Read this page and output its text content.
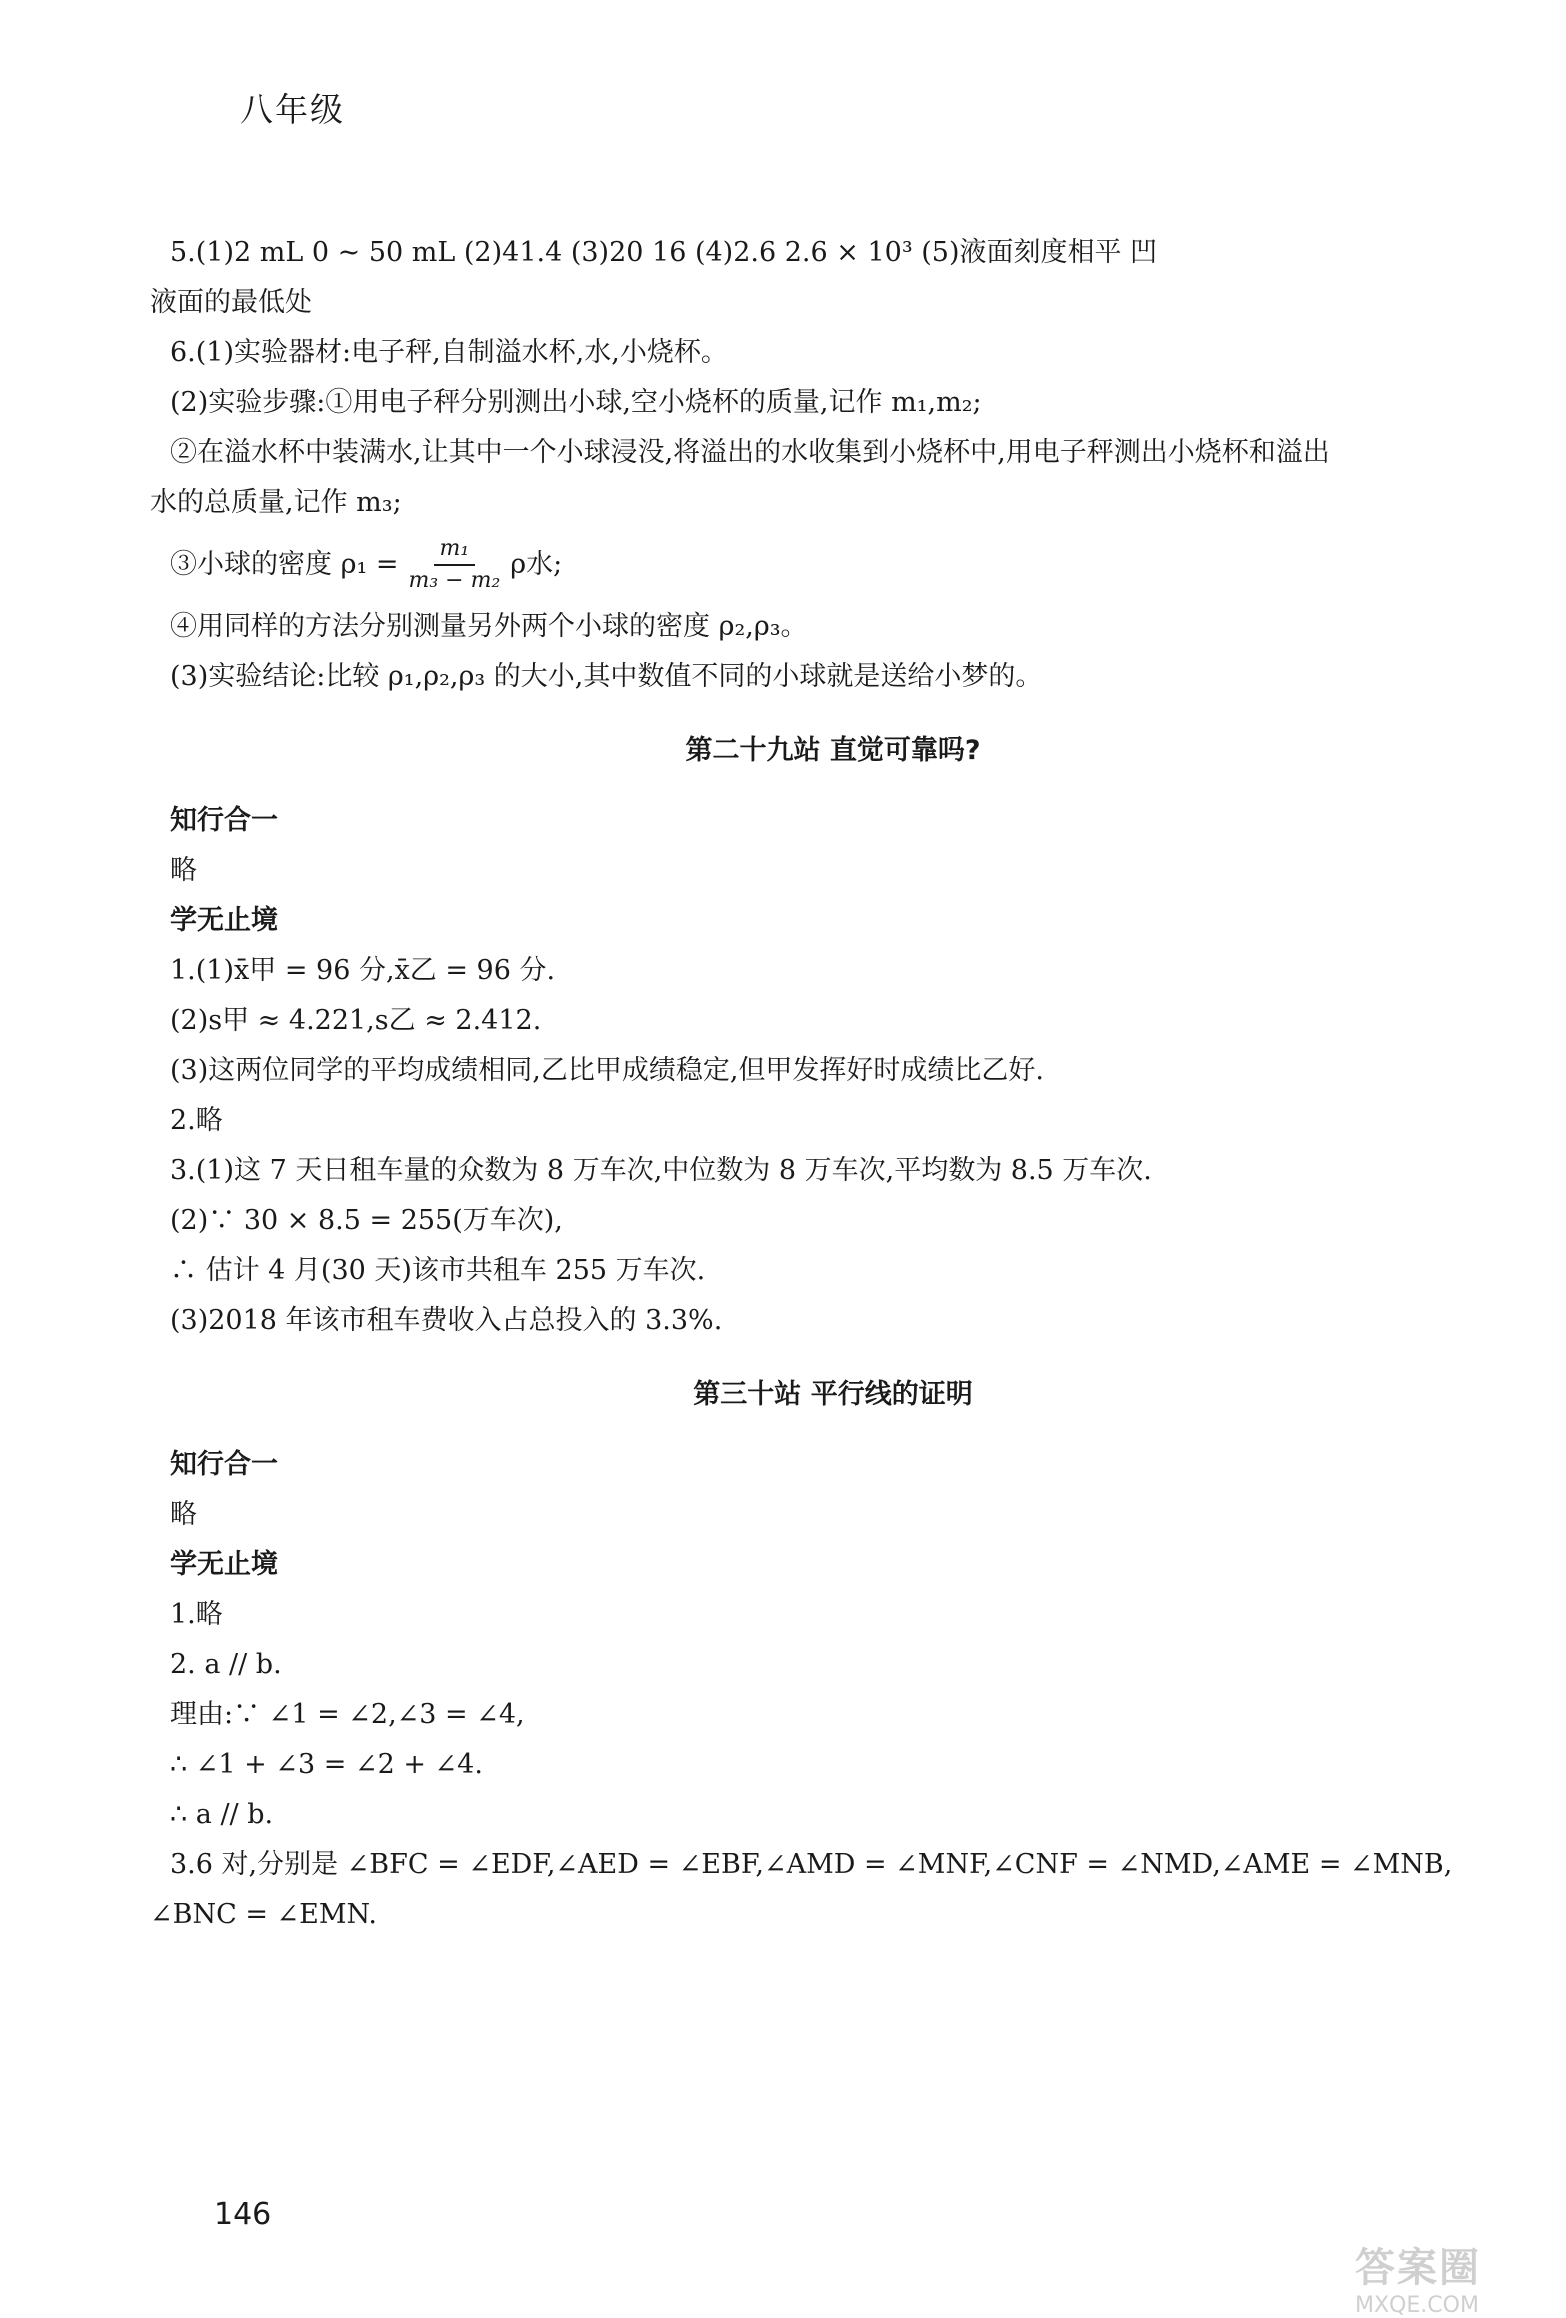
八年级
5.(1)2 mL 0 ~ 50 mL (2)41.4 (3)20 16 (4)2.6 2.6 × 10³ (5)液面刻度相平 凹
液面的最低处
6.(1)实验器材:电子秤,自制溢水杯,水,小烧杯。
(2)实验步骤:①用电子秤分别测出小球,空小烧杯的质量,记作 m₁,m₂;
②在溢水杯中装满水,让其中一个小球浸没,将溢出的水收集到小烧杯中,用电子秤测出小烧杯和溢出
水的总质量,记作 m₃;
③小球的密度 $\rho_1 = \frac{\text{m₁}}{\text{m₃ − m₂}}$ ρ水;
④用同样的方法分别测量另外两个小球的密度 ρ₂,ρ₃。
(3)实验结论:比较 ρ₁,ρ₂,ρ₃ 的大小,其中数值不同的小球就是送给小梦的。
第二十九站 直觉可靠吗?
知行合一
略
学无止境
1.(1)x̄甲 = 96 分,x̄乙 = 96 分.
(2)s甲 ≈ 4.221,s乙 ≈ 2.412.
(3)这两位同学的平均成绩相同,乙比甲成绩稳定,但甲发挥好时成绩比乙好.
2.略
3.(1)这 7 天日租车量的众数为 8 万车次,中位数为 8 万车次,平均数为 8.5 万车次.
(2)∵ 30 × 8.5 = 255(万车次),
∴ 估计 4 月(30 天)该市共租车 255 万车次.
(3)2018 年该市租车费收入占总投入的 3.3%.
第三十站 平行线的证明
知行合一
略
学无止境
1.略
2. a // b.
理由:∵ ∠1 = ∠2,∠3 = ∠4,
∴ ∠1 + ∠3 = ∠2 + ∠4.
∴ a // b.
3.6 对,分别是 ∠BFC = ∠EDF,∠AED = ∠EBF,∠AMD = ∠MNF,∠CNF = ∠NMD,∠AME = ∠MNB,
∠BNC = ∠EMN.
146
答案圈
MXQE.COM
